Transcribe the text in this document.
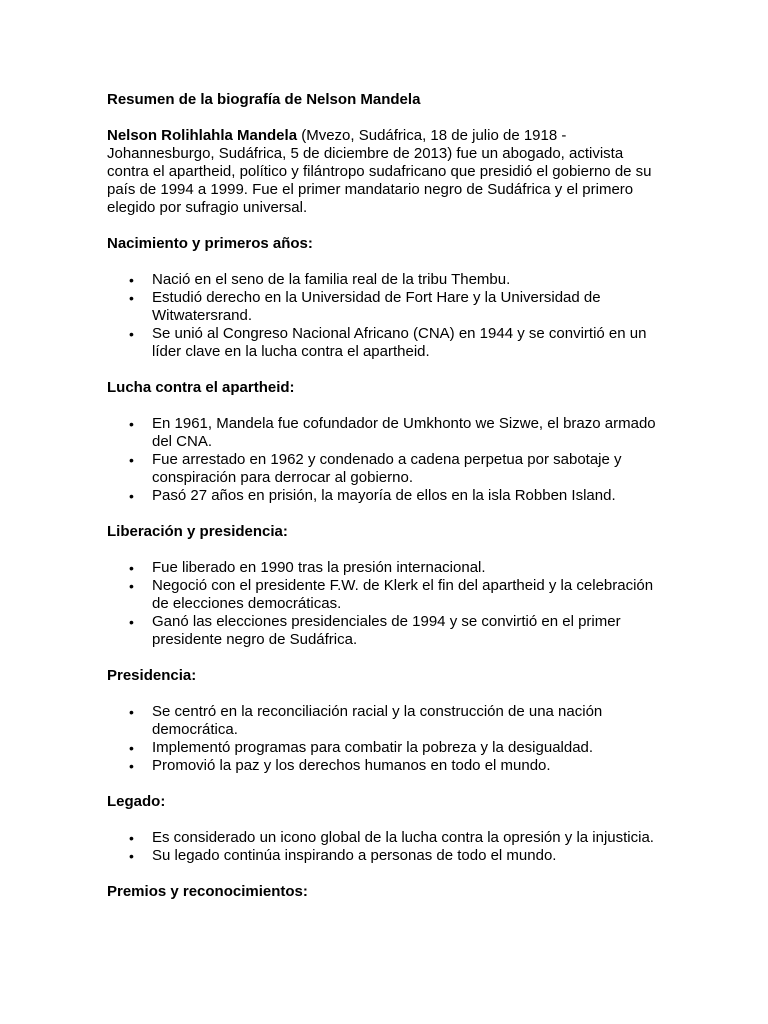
Resumen de la biografía de Nelson Mandela

Nelson Rolihlahla Mandela (Mvezo, Sudáfrica, 18 de julio de 1918 - Johannesburgo, Sudáfrica, 5 de diciembre de 2013) fue un abogado, activista contra el apartheid, político y filántropo sudafricano que presidió el gobierno de su país de 1994 a 1999. Fue el primer mandatario negro de Sudáfrica y el primero elegido por sufragio universal.

Nacimiento y primeros años:
• Nació en el seno de la familia real de la tribu Thembu.
• Estudió derecho en la Universidad de Fort Hare y la Universidad de Witwatersrand.
• Se unió al Congreso Nacional Africano (CNA) en 1944 y se convirtió en un líder clave en la lucha contra el apartheid.
Lucha contra el apartheid:
• En 1961, Mandela fue cofundador de Umkhonto we Sizwe, el brazo armado del CNA.
• Fue arrestado en 1962 y condenado a cadena perpetua por sabotaje y conspiración para derrocar al gobierno.
• Pasó 27 años en prisión, la mayoría de ellos en la isla Robben Island.
Liberación y presidencia:
• Fue liberado en 1990 tras la presión internacional.
• Negoció con el presidente F.W. de Klerk el fin del apartheid y la celebración de elecciones democráticas.
• Ganó las elecciones presidenciales de 1994 y se convirtió en el primer presidente negro de Sudáfrica.
Presidencia:
• Se centró en la reconciliación racial y la construcción de una nación democrática.
• Implementó programas para combatir la pobreza y la desigualdad.
• Promovió la paz y los derechos humanos en todo el mundo.
Legado:
• Es considerado un icono global de la lucha contra la opresión y la injusticia.
• Su legado continúa inspirando a personas de todo el mundo.
Premios y reconocimientos:
